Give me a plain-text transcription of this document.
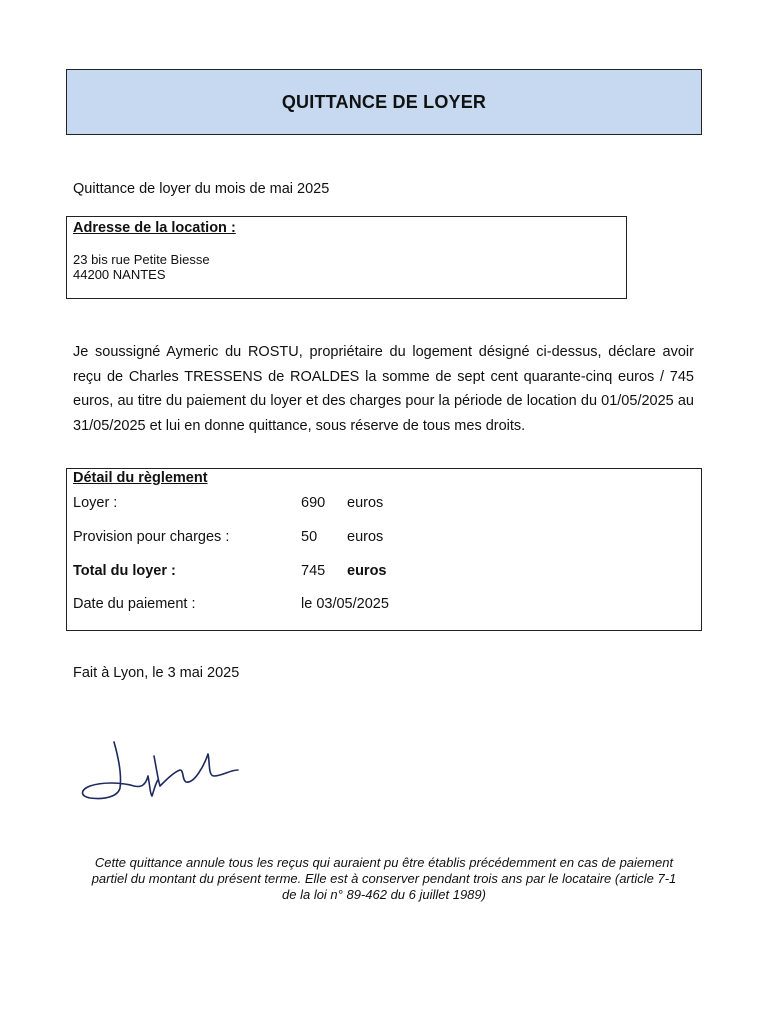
QUITTANCE DE LOYER
Quittance de loyer du mois de mai 2025
Adresse de la location :
23 bis rue Petite Biesse
44200 NANTES

Je soussigné Aymeric du ROSTU, propriétaire du logement désigné ci-dessus, déclare avoir reçu de Charles TRESSENS de ROALDES la somme de sept cent quarante-cinq euros / 745 euros, au titre du paiement du loyer et des charges pour la période de location du 01/05/2025 au 31/05/2025 et lui en donne quittance, sous réserve de tous mes droits.

Détail du règlement
Loyer :	690 euros
Provision pour charges :	50 euros
Total du loyer :	745 euros
Date du paiement :	le 03/05/2025
Fait à Lyon, le 3 mai 2025

Cette quittance annule tous les reçus qui auraient pu être établis précédemment en cas de paiement partiel du montant du présent terme. Elle est à conserver pendant trois ans par le locataire (article 7-1 de la loi n° 89-462 du 6 juillet 1989)
